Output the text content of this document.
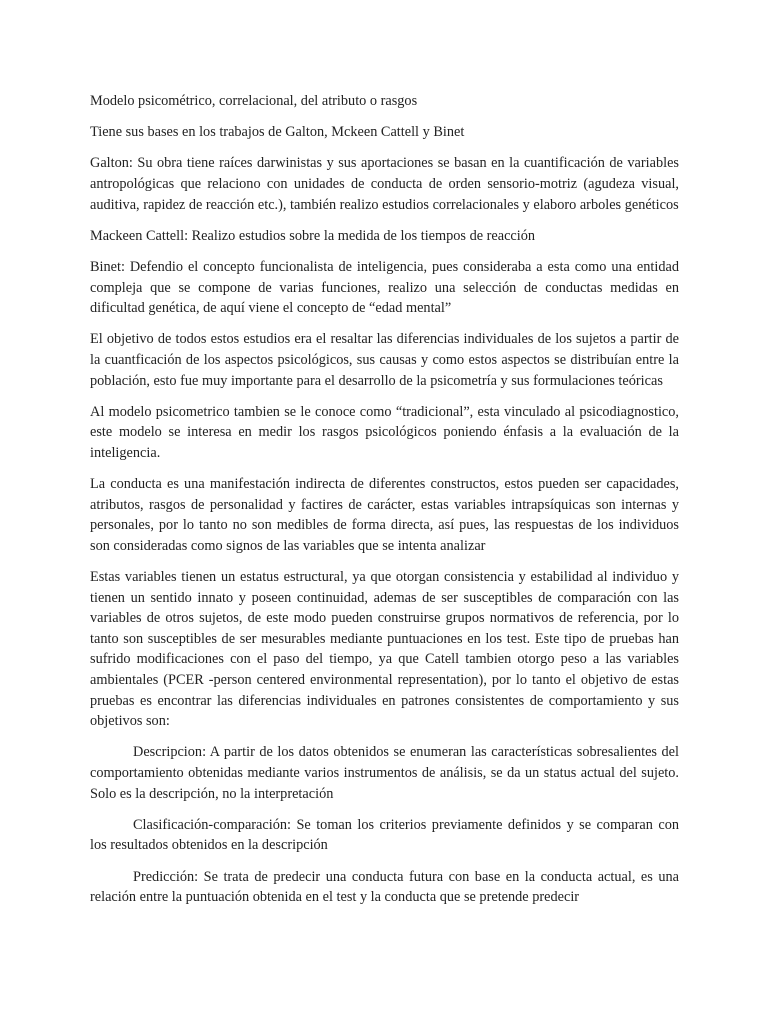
Modelo psicométrico, correlacional, del atributo o rasgos

Tiene sus bases en los trabajos de Galton, Mckeen Cattell y Binet

Galton: Su obra tiene raíces darwinistas y sus aportaciones se basan en la cuantificación de variables antropológicas que relaciono con unidades de conducta de orden sensorio-motriz (agudeza visual, auditiva, rapidez de reacción etc.), también realizo estudios correlacionales y elaboro arboles genéticos

Mackeen Cattell: Realizo estudios sobre la medida de los tiempos de reacción

Binet: Defendio el concepto funcionalista de inteligencia, pues consideraba a esta como una entidad compleja que se compone de varias funciones, realizo una selección de conductas medidas en dificultad genética, de aquí viene el concepto de “edad mental”

El objetivo de todos estos estudios era el resaltar las diferencias individuales de los sujetos a partir de la cuantficación de los aspectos psicológicos, sus causas y como estos aspectos se distribuían entre la población, esto fue muy importante para el desarrollo de la psicometría y sus formulaciones teóricas

Al modelo psicometrico tambien se le conoce como “tradicional”, esta vinculado al psicodiagnostico, este modelo se interesa en medir los rasgos psicológicos poniendo énfasis a la evaluación de la inteligencia.

La conducta es una manifestación indirecta de diferentes constructos, estos pueden ser capacidades, atributos, rasgos de personalidad y factires de carácter, estas variables intrapsíquicas son internas y personales, por lo tanto no son medibles de forma directa, así pues, las respuestas de los individuos son consideradas como signos de las variables que se intenta analizar

Estas variables tienen un estatus estructural, ya que otorgan consistencia y estabilidad al individuo y tienen un sentido innato y poseen continuidad, ademas de ser susceptibles de comparación con las variables de otros sujetos, de este modo pueden construirse grupos normativos de referencia, por lo tanto son susceptibles de ser mesurables mediante puntuaciones en los test. Este tipo de pruebas han sufrido modificaciones con el paso del tiempo, ya que Catell tambien otorgo peso a las variables ambientales (PCER -person centered environmental representation), por lo tanto el objetivo de estas pruebas es encontrar las diferencias individuales en patrones consistentes de comportamiento y sus objetivos son:

Descripcion: A partir de los datos obtenidos se enumeran las características sobresalientes del comportamiento obtenidas mediante varios instrumentos de análisis, se da un status actual del sujeto. Solo es la descripción, no la interpretación

Clasificación-comparación: Se toman los criterios previamente definidos y se comparan con los resultados obtenidos en la descripción

Predicción: Se trata de predecir una conducta futura con base en la conducta actual, es una relación entre la puntuación obtenida en el test y la conducta que se pretende predecir
